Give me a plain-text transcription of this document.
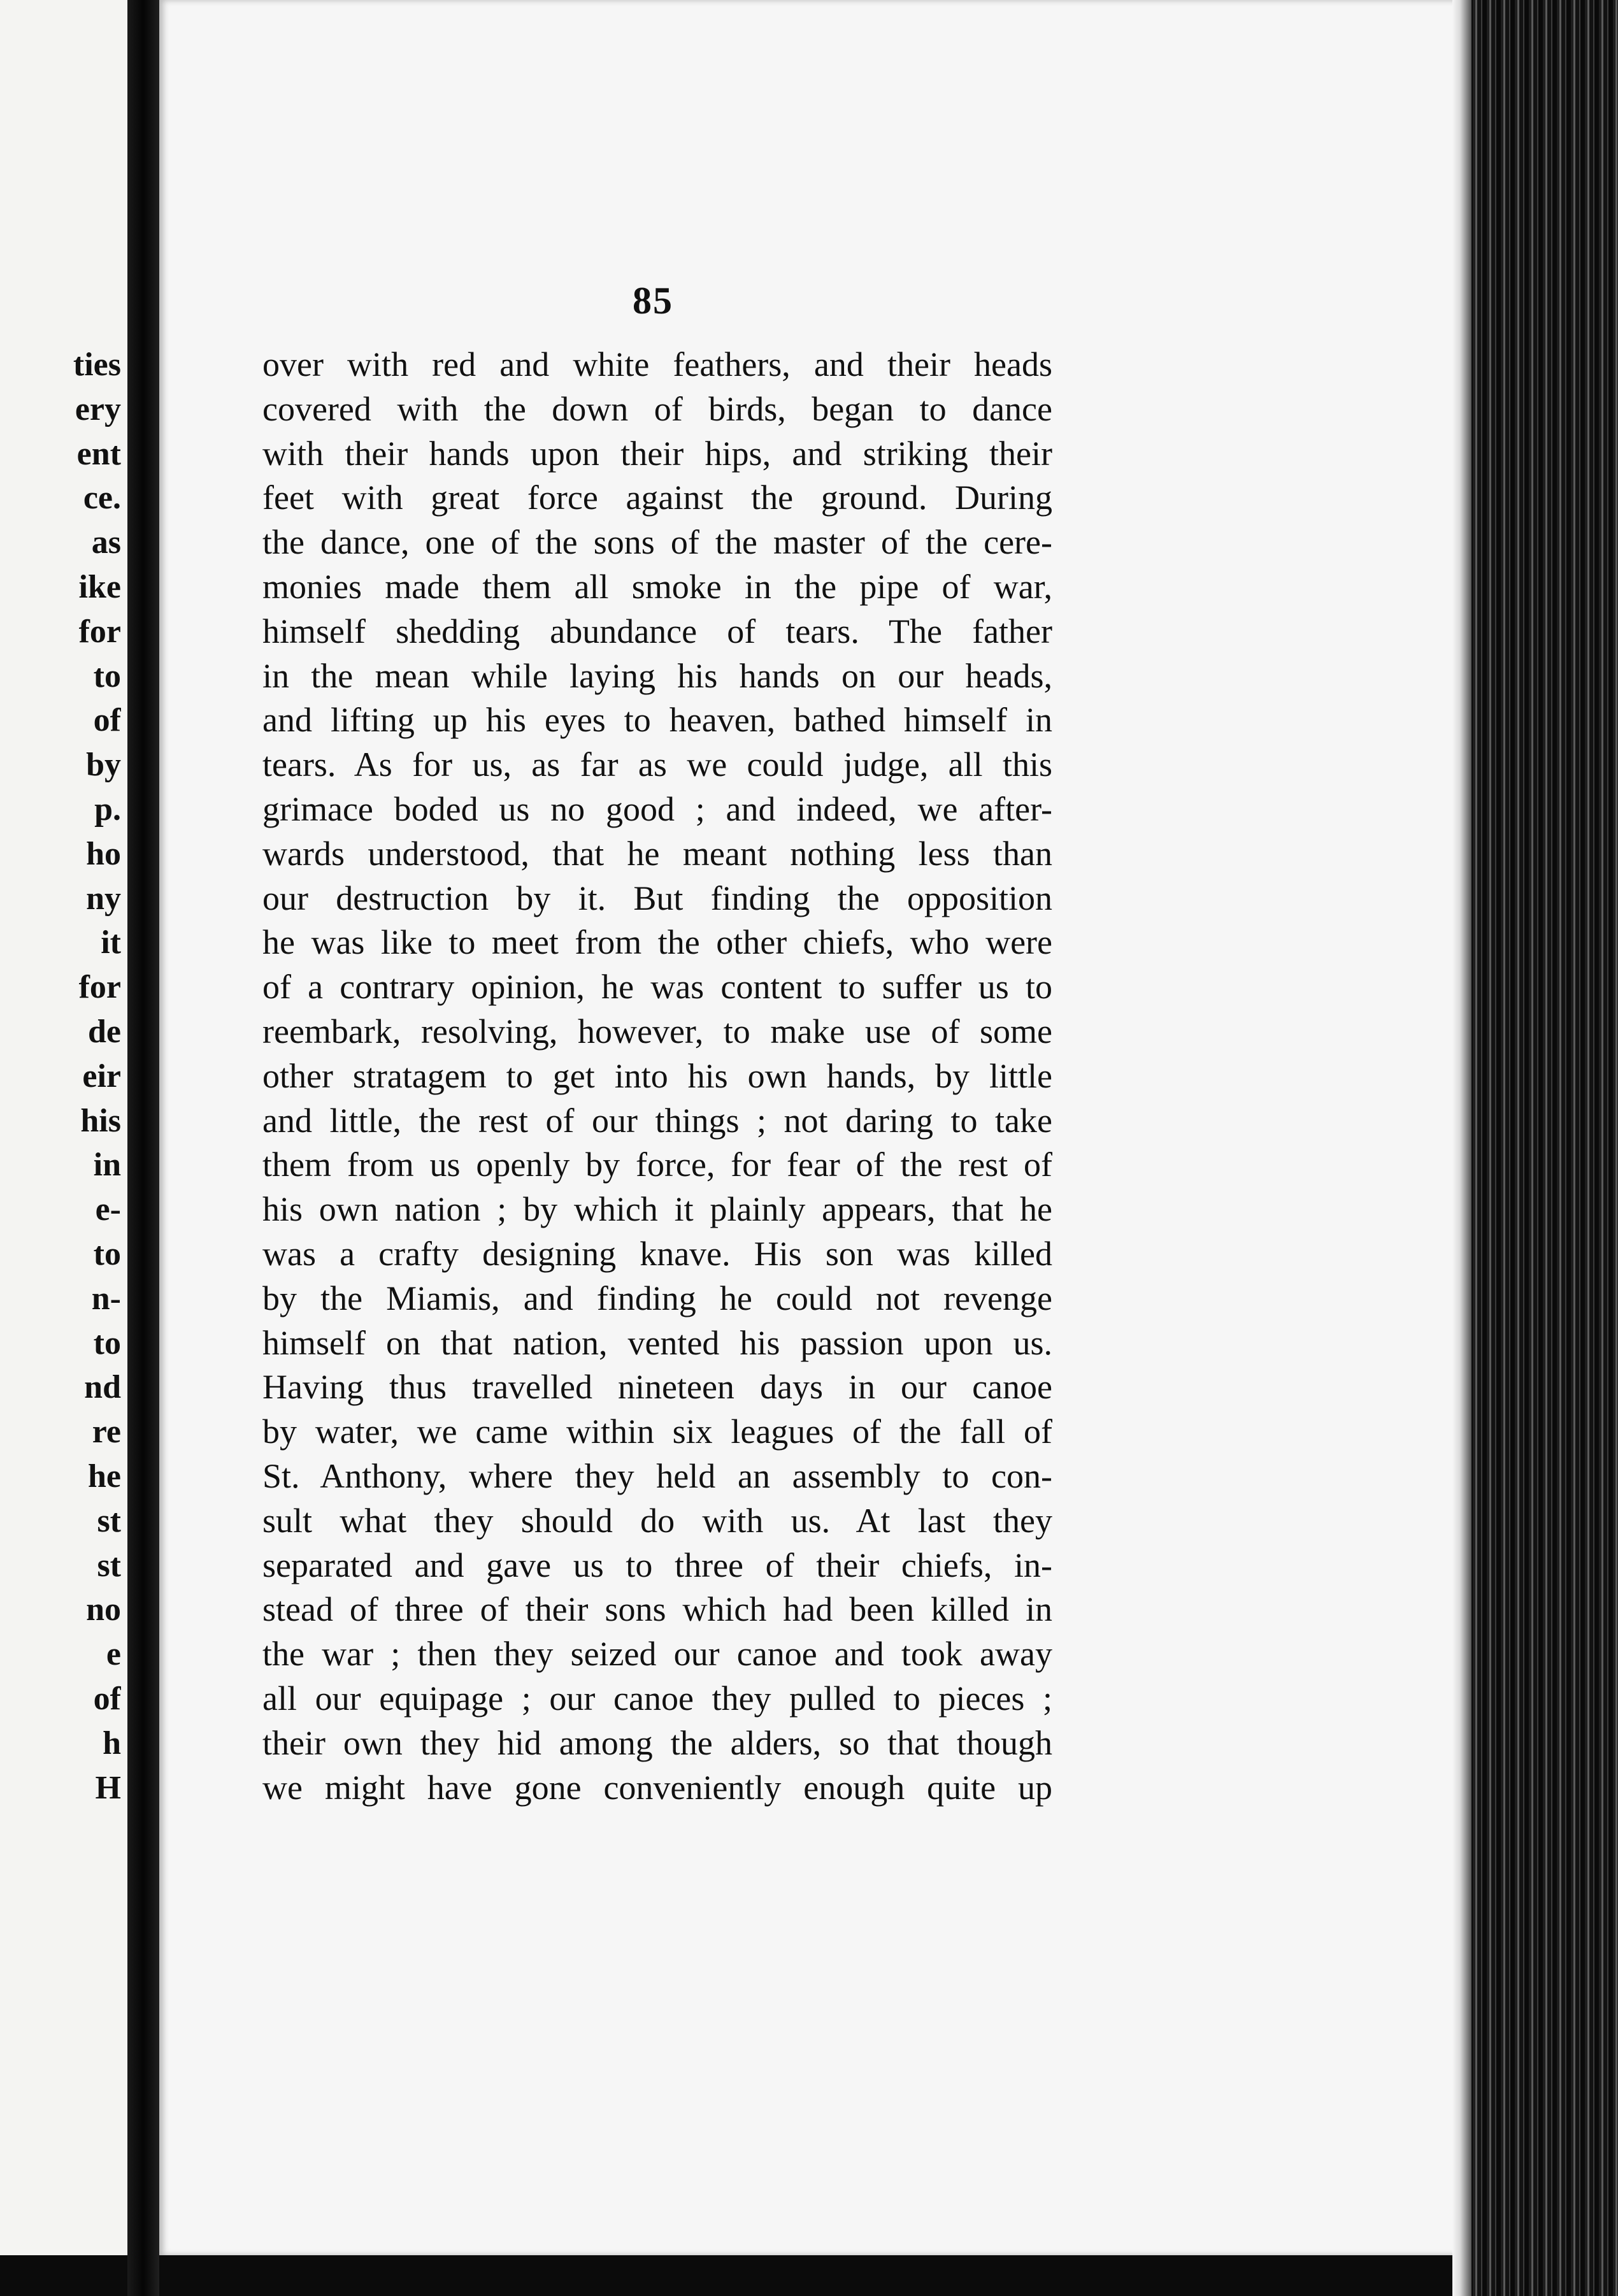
ties
ery
ent
ce.
as
ike
for
to
of
by
p.
ho
ny
it
for
de
eir
his
in
e-
to
n-
to
nd
re
he
st
st
no
e
of
h
H
85
over with red and white feathers, and their heads
covered with the down of birds, began to dance
with their hands upon their hips, and striking their
feet with great force against the ground. During
the dance, one of the sons of the master of the cere-
monies made them all smoke in the pipe of war,
himself shedding abundance of tears. The father
in the mean while laying his hands on our heads,
and lifting up his eyes to heaven, bathed himself in
tears. As for us, as far as we could judge, all this
grimace boded us no good ; and indeed, we after-
wards understood, that he meant nothing less than
our destruction by it. But finding the opposition
he was like to meet from the other chiefs, who were
of a contrary opinion, he was content to suffer us to
reembark, resolving, however, to make use of some
other stratagem to get into his own hands, by little
and little, the rest of our things ; not daring to take
them from us openly by force, for fear of the rest of
his own nation ; by which it plainly appears, that he
was a crafty designing knave. His son was killed
by the Miamis, and finding he could not revenge
himself on that nation, vented his passion upon us.
Having thus travelled nineteen days in our canoe
by water, we came within six leagues of the fall of
St. Anthony, where they held an assembly to con-
sult what they should do with us. At last they
separated and gave us to three of their chiefs, in-
stead of three of their sons which had been killed in
the war ; then they seized our canoe and took away
all our equipage ; our canoe they pulled to pieces ;
their own they hid among the alders, so that though
we might have gone conveniently enough quite up
